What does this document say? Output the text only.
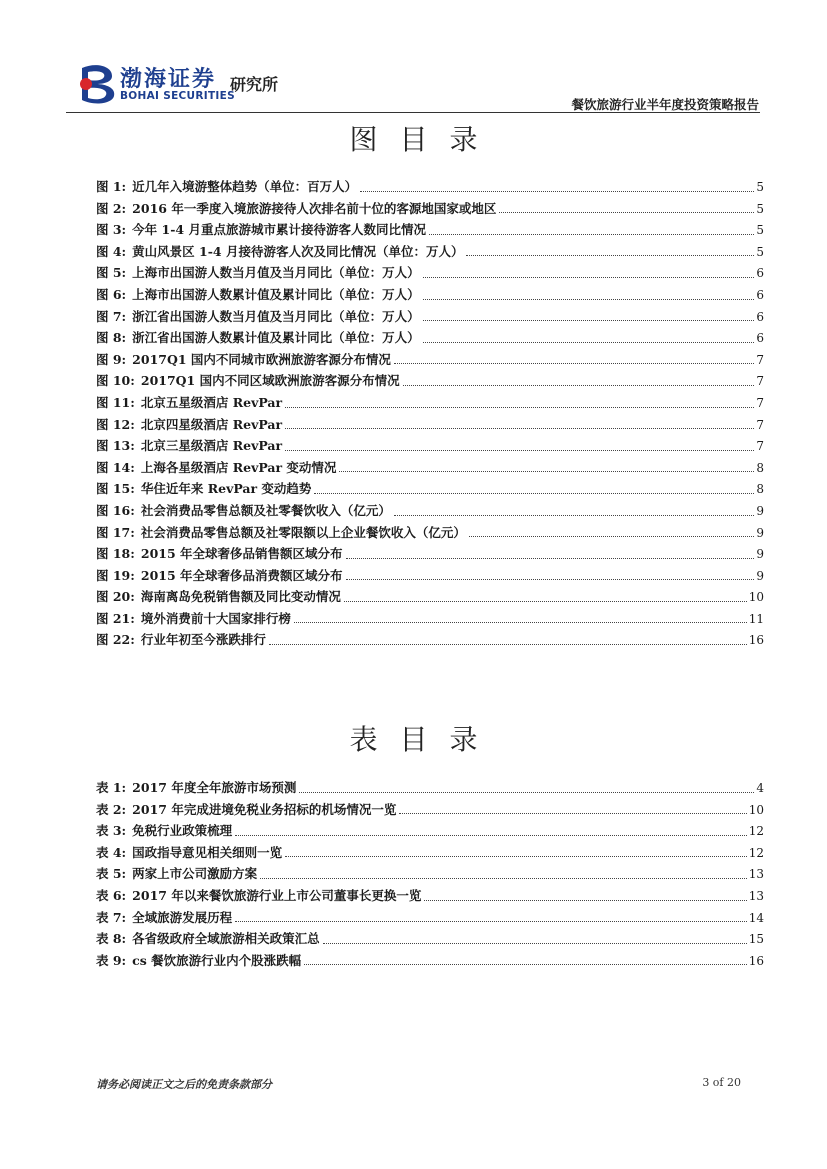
渤海证券
BOHAI SECURITIES
研究所
餐饮旅游行业半年度投资策略报告
图目录
图 1: 近几年入境游整体趋势（单位：百万人）	5
图 2: 2016 年一季度入境旅游接待人次排名前十位的客源地国家或地区	5
图 3: 今年 1-4 月重点旅游城市累计接待游客人数同比情况	5
图 4: 黄山风景区 1-4 月接待游客人次及同比情况（单位：万人）	5
图 5: 上海市出国游人数当月值及当月同比（单位：万人）	6
图 6: 上海市出国游人数累计值及累计同比（单位：万人）	6
图 7: 浙江省出国游人数当月值及当月同比（单位：万人）	6
图 8: 浙江省出国游人数累计值及累计同比（单位：万人）	6
图 9: 2017Q1 国内不同城市欧洲旅游客源分布情况	7
图 10: 2017Q1 国内不同区域欧洲旅游客源分布情况	7
图 11: 北京五星级酒店 RevPar	7
图 12: 北京四星级酒店 RevPar	7
图 13: 北京三星级酒店 RevPar	7
图 14: 上海各星级酒店 RevPar 变动情况	8
图 15: 华住近年来 RevPar 变动趋势	8
图 16: 社会消费品零售总额及社零餐饮收入（亿元）	9
图 17: 社会消费品零售总额及社零限额以上企业餐饮收入（亿元）	9
图 18: 2015 年全球奢侈品销售额区域分布	9
图 19: 2015 年全球奢侈品消费额区域分布	9
图 20: 海南离岛免税销售额及同比变动情况	10
图 21: 境外消费前十大国家排行榜	11
图 22: 行业年初至今涨跌排行	16
表目录
表 1: 2017 年度全年旅游市场预测	4
表 2: 2017 年完成进境免税业务招标的机场情况一览	10
表 3: 免税行业政策梳理	12
表 4: 国政指导意见相关细则一览	12
表 5: 两家上市公司激励方案	13
表 6: 2017 年以来餐饮旅游行业上市公司董事长更换一览	13
表 7: 全域旅游发展历程	14
表 8: 各省级政府全域旅游相关政策汇总	15
表 9: cs 餐饮旅游行业内个股涨跌幅	16
请务必阅读正文之后的免责条款部分	3 of 20
